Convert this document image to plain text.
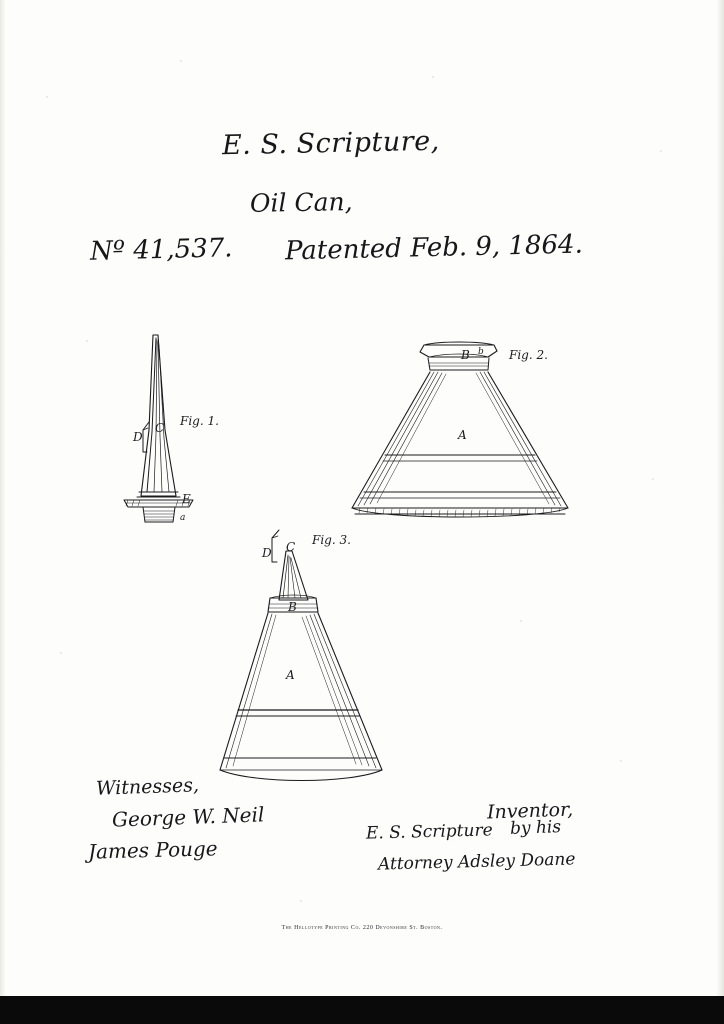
E. S. Scripture,
Oil Can,
Nº 41,537. Patented Feb. 9, 1864.
Fig. 1.
C
D
E
a
Fig. 2.
B b
A
Fig. 3.
C
D
B
A
Witnesses,
George W. Neil
James Pouge
Inventor,
E. S. Scripture by his
Attorney Adsley Doane
The Hellotype Printing Co. 220 Devonshire St. Boston.
